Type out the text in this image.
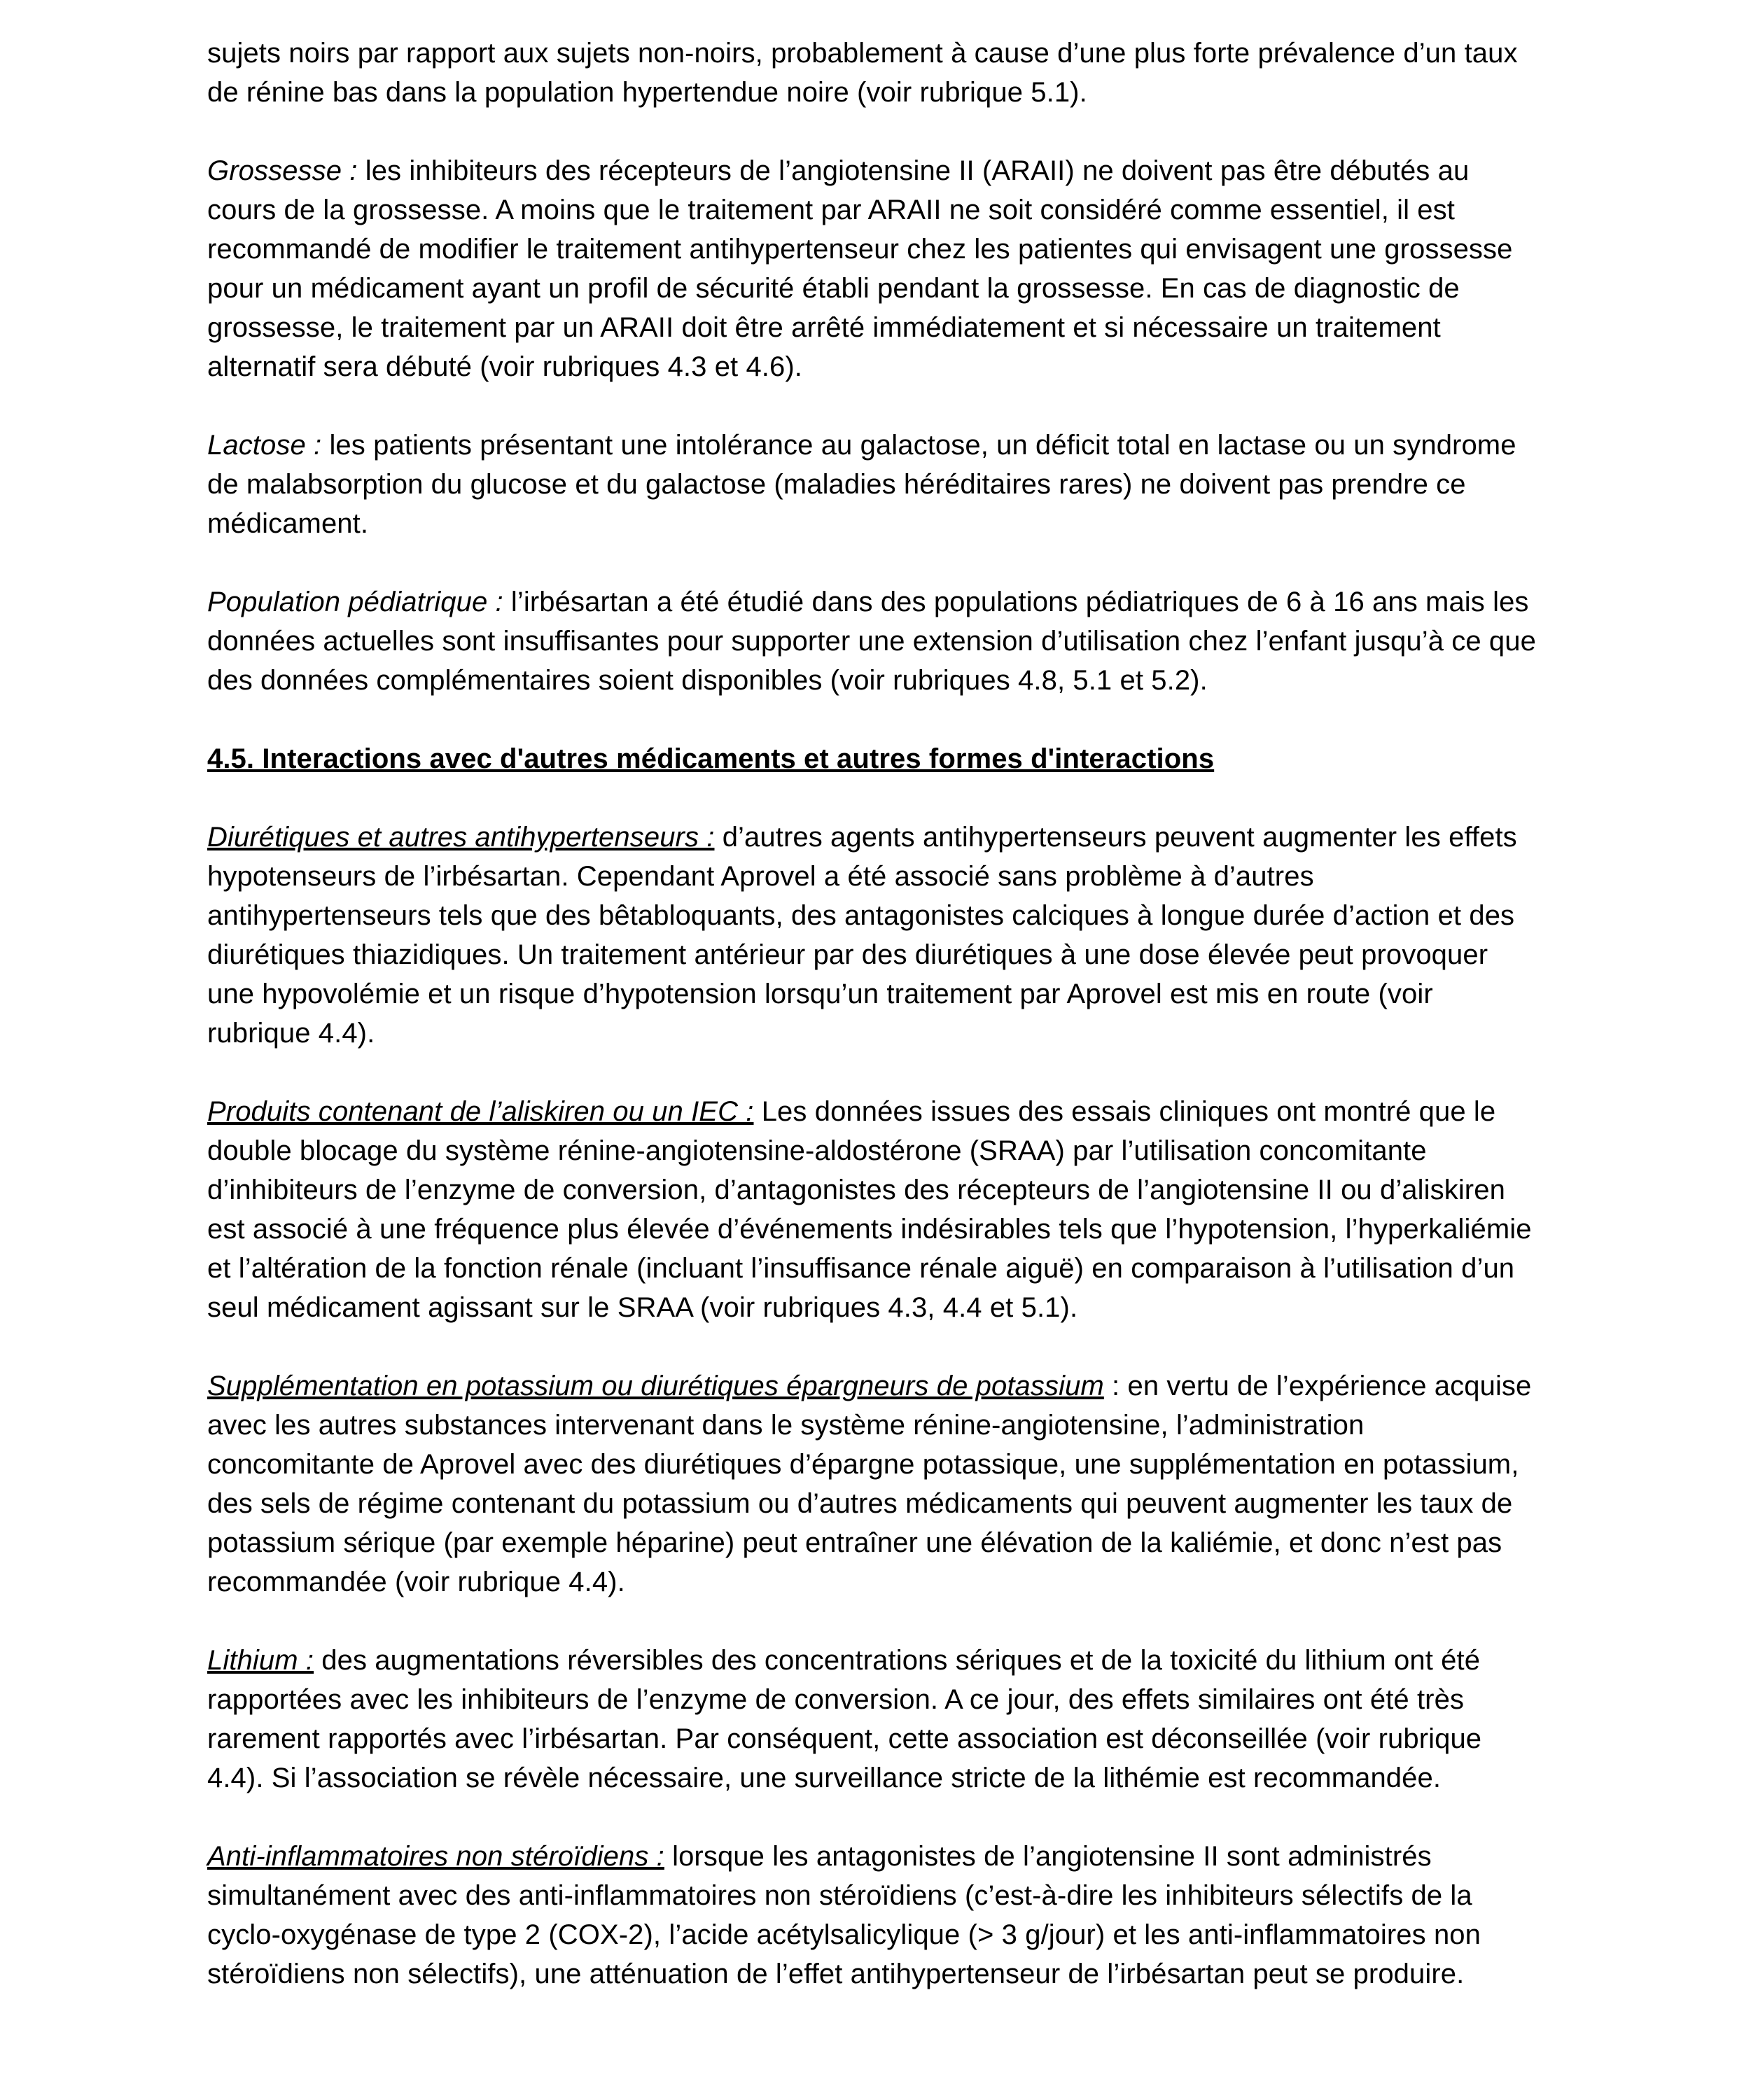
sujets noirs par rapport aux sujets non-noirs, probablement à cause d’une plus forte prévalence d’un taux de rénine bas dans la population hypertendue noire (voir rubrique 5.1).

Grossesse : les inhibiteurs des récepteurs de l’angiotensine II (ARAII) ne doivent pas être débutés au cours de la grossesse. A moins que le traitement par ARAII ne soit considéré comme essentiel, il est recommandé de modifier le traitement antihypertenseur chez les patientes qui envisagent une grossesse pour un médicament ayant un profil de sécurité établi pendant la grossesse. En cas de diagnostic de grossesse, le traitement par un ARAII doit être arrêté immédiatement et si nécessaire un traitement alternatif sera débuté (voir rubriques 4.3 et 4.6).

Lactose : les patients présentant une intolérance au galactose, un déficit total en lactase ou un syndrome de malabsorption du glucose et du galactose (maladies héréditaires rares) ne doivent pas prendre ce médicament.

Population pédiatrique : l’irbésartan a été étudié dans des populations pédiatriques de 6 à 16 ans mais les données actuelles sont insuffisantes pour supporter une extension d’utilisation chez l’enfant jusqu’à ce que des données complémentaires soient disponibles (voir rubriques 4.8, 5.1 et 5.2).

4.5. Interactions avec d'autres médicaments et autres formes d'interactions

Diurétiques et autres antihypertenseurs : d’autres agents antihypertenseurs peuvent augmenter les effets hypotenseurs de l’irbésartan. Cependant Aprovel a été associé sans problème à d’autres antihypertenseurs tels que des bêtabloquants, des antagonistes calciques à longue durée d’action et des diurétiques thiazidiques. Un traitement antérieur par des diurétiques à une dose élevée peut provoquer une hypovolémie et un risque d’hypotension lorsqu’un traitement par Aprovel est mis en route (voir rubrique 4.4).

Produits contenant de l’aliskiren ou un IEC : Les données issues des essais cliniques ont montré que le double blocage du système rénine-angiotensine-aldostérone (SRAA) par l’utilisation concomitante d’inhibiteurs de l’enzyme de conversion, d’antagonistes des récepteurs de l’angiotensine II ou d’aliskiren est associé à une fréquence plus élevée d’événements indésirables tels que l’hypotension, l’hyperkaliémie et l’altération de la fonction rénale (incluant l’insuffisance rénale aiguë) en comparaison à l’utilisation d’un seul médicament agissant sur le SRAA (voir rubriques 4.3, 4.4 et 5.1).

Supplémentation en potassium ou diurétiques épargneurs de potassium : en vertu de l’expérience acquise avec les autres substances intervenant dans le système rénine-angiotensine, l’administration concomitante de Aprovel avec des diurétiques d’épargne potassique, une supplémentation en potassium, des sels de régime contenant du potassium ou d’autres médicaments qui peuvent augmenter les taux de potassium sérique (par exemple héparine) peut entraîner une élévation de la kaliémie, et donc n’est pas recommandée (voir rubrique 4.4).

Lithium : des augmentations réversibles des concentrations sériques et de la toxicité du lithium ont été rapportées avec les inhibiteurs de l’enzyme de conversion. A ce jour, des effets similaires ont été très rarement rapportés avec l’irbésartan. Par conséquent, cette association est déconseillée (voir rubrique 4.4). Si l’association se révèle nécessaire, une surveillance stricte de la lithémie est recommandée.

Anti-inflammatoires non stéroïdiens : lorsque les antagonistes de l’angiotensine II sont administrés simultanément avec des anti-inflammatoires non stéroïdiens (c’est-à-dire les inhibiteurs sélectifs de la cyclo-oxygénase de type 2 (COX-2), l’acide acétylsalicylique (> 3 g/jour) et les anti-inflammatoires non stéroïdiens non sélectifs), une atténuation de l’effet antihypertenseur de l’irbésartan peut se produire.
